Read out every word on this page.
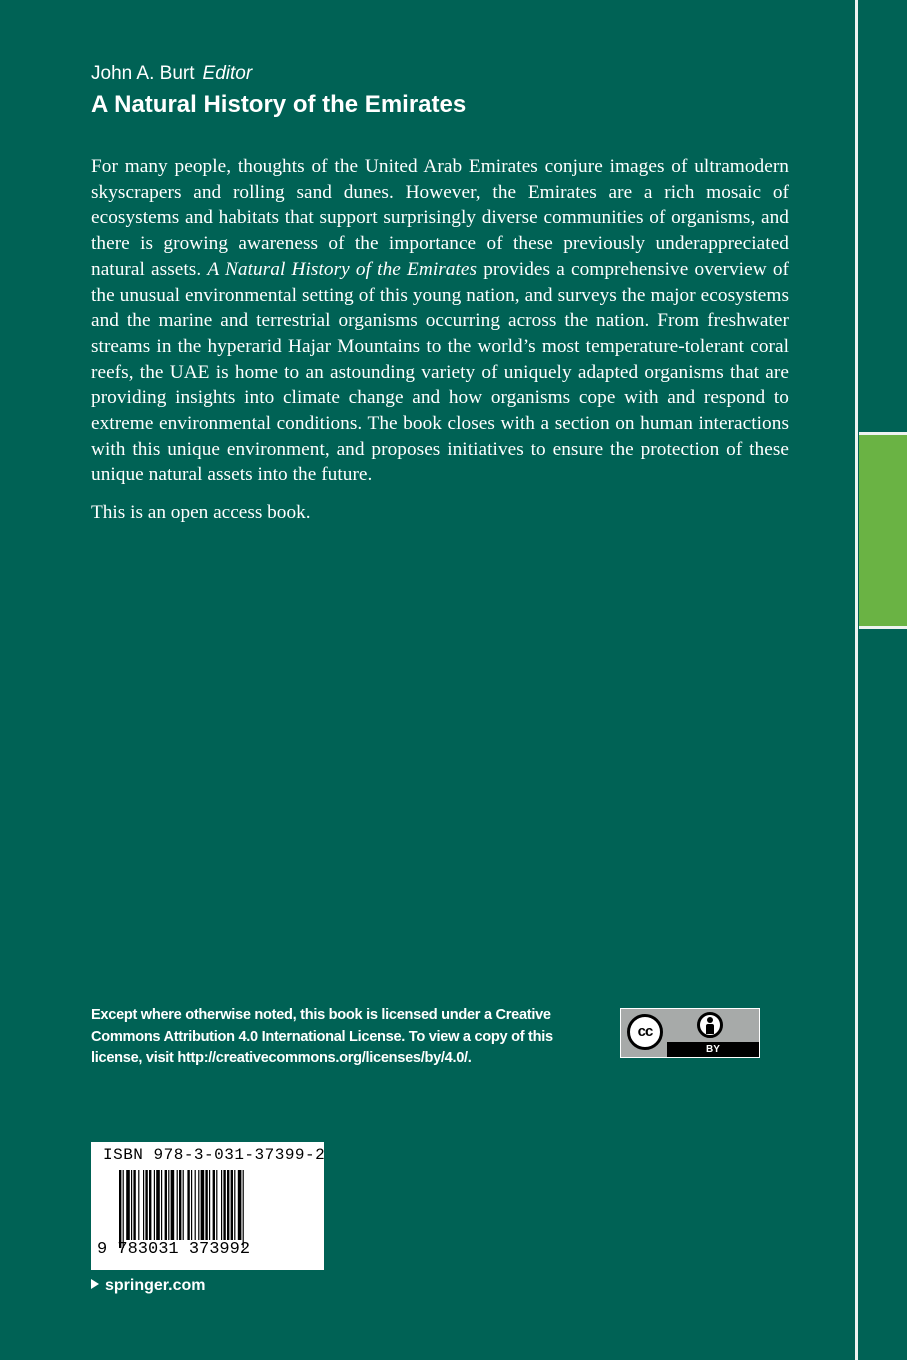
John A. Burt Editor
A Natural History of the Emirates
For many people, thoughts of the United Arab Emirates conjure images of ultramodern skyscrapers and rolling sand dunes. However, the Emirates are a rich mosaic of ecosystems and habitats that support surprisingly diverse communities of organisms, and there is growing awareness of the importance of these previously underappreciated natural assets. A Natural History of the Emirates provides a comprehensive overview of the unusual environmental setting of this young nation, and surveys the major ecosystems and the marine and terrestrial organisms occurring across the nation. From freshwater streams in the hyperarid Hajar Mountains to the world’s most temperature-tolerant coral reefs, the UAE is home to an astounding variety of uniquely adapted organisms that are providing insights into climate change and how organisms cope with and respond to extreme environmental conditions. The book closes with a section on human interactions with this unique environment, and proposes initiatives to ensure the protection of these unique natural assets into the future.
This is an open access book.
Except where otherwise noted, this book is licensed under a Creative Commons Attribution 4.0 International License. To view a copy of this license, visit http://creativecommons.org/licenses/by/4.0/.
cc
BY
ISBN 978-3-031-37399-2
9 783031 373992
springer.com
